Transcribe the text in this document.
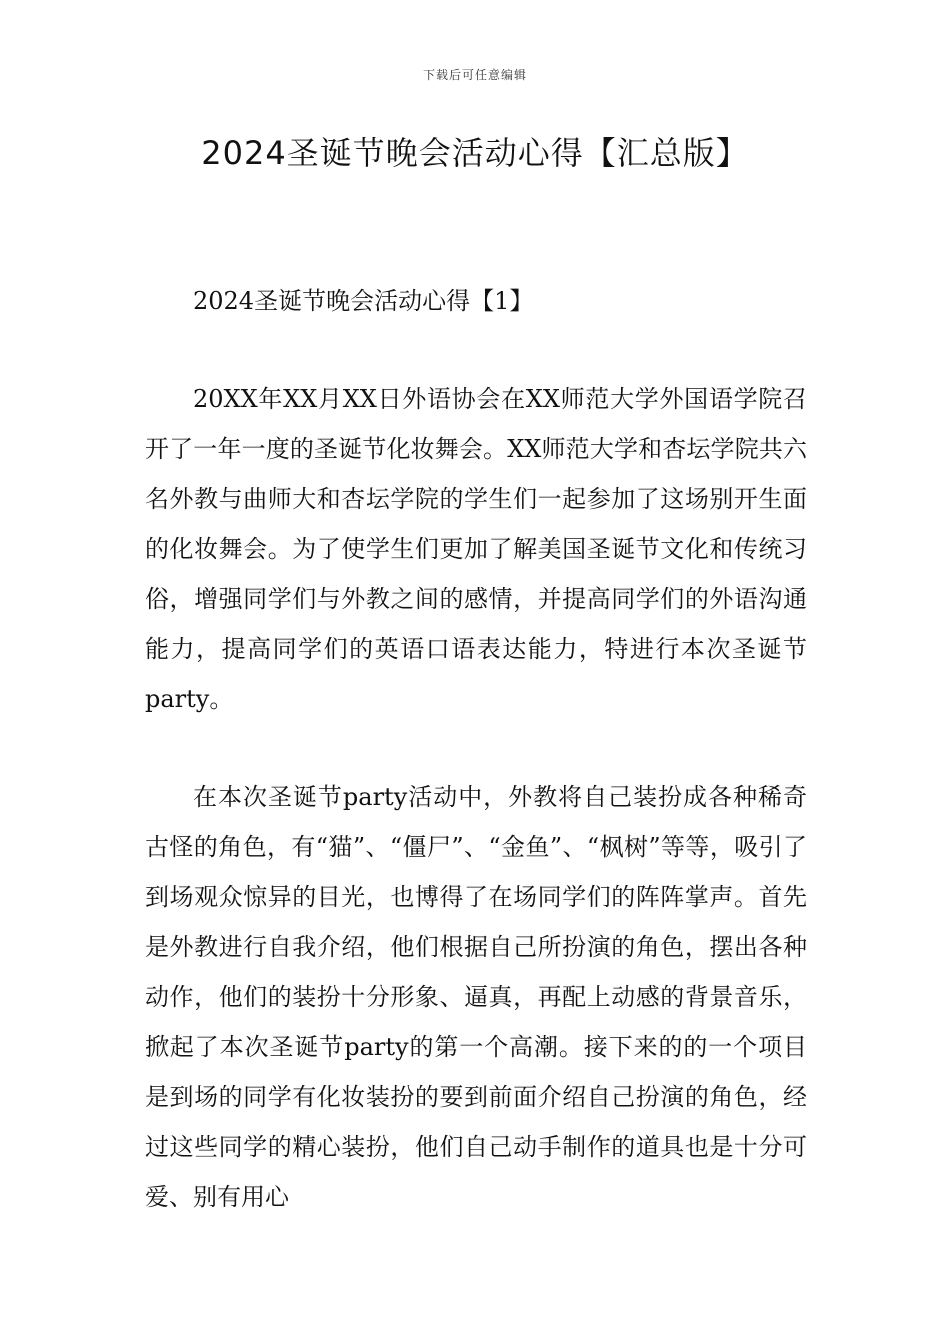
下载后可任意编辑
2024圣诞节晚会活动心得【汇总版】

2024圣诞节晚会活动心得【1】

20XX年XX月XX日外语协会在XX师范大学外国语学院召开了一年一度的圣诞节化妆舞会。XX师范大学和杏坛学院共六名外教与曲师大和杏坛学院的学生们一起参加了这场别开生面的化妆舞会。为了使学生们更加了解美国圣诞节文化和传统习俗，增强同学们与外教之间的感情，并提高同学们的外语沟通能力，提高同学们的英语口语表达能力，特进行本次圣诞节party。

在本次圣诞节party活动中，外教将自己装扮成各种稀奇古怪的角色，有“猫”、“僵尸”、“金鱼”、“枫树”等等，吸引了到场观众惊异的目光，也博得了在场同学们的阵阵掌声。首先是外教进行自我介绍，他们根据自己所扮演的角色，摆出各种动作，他们的装扮十分形象、逼真，再配上动感的背景音乐，掀起了本次圣诞节party的第一个高潮。接下来的的一个项目是到场的同学有化妆装扮的要到前面介绍自己扮演的角色，经过这些同学的精心装扮，他们自己动手制作的道具也是十分可爱、别有用心
